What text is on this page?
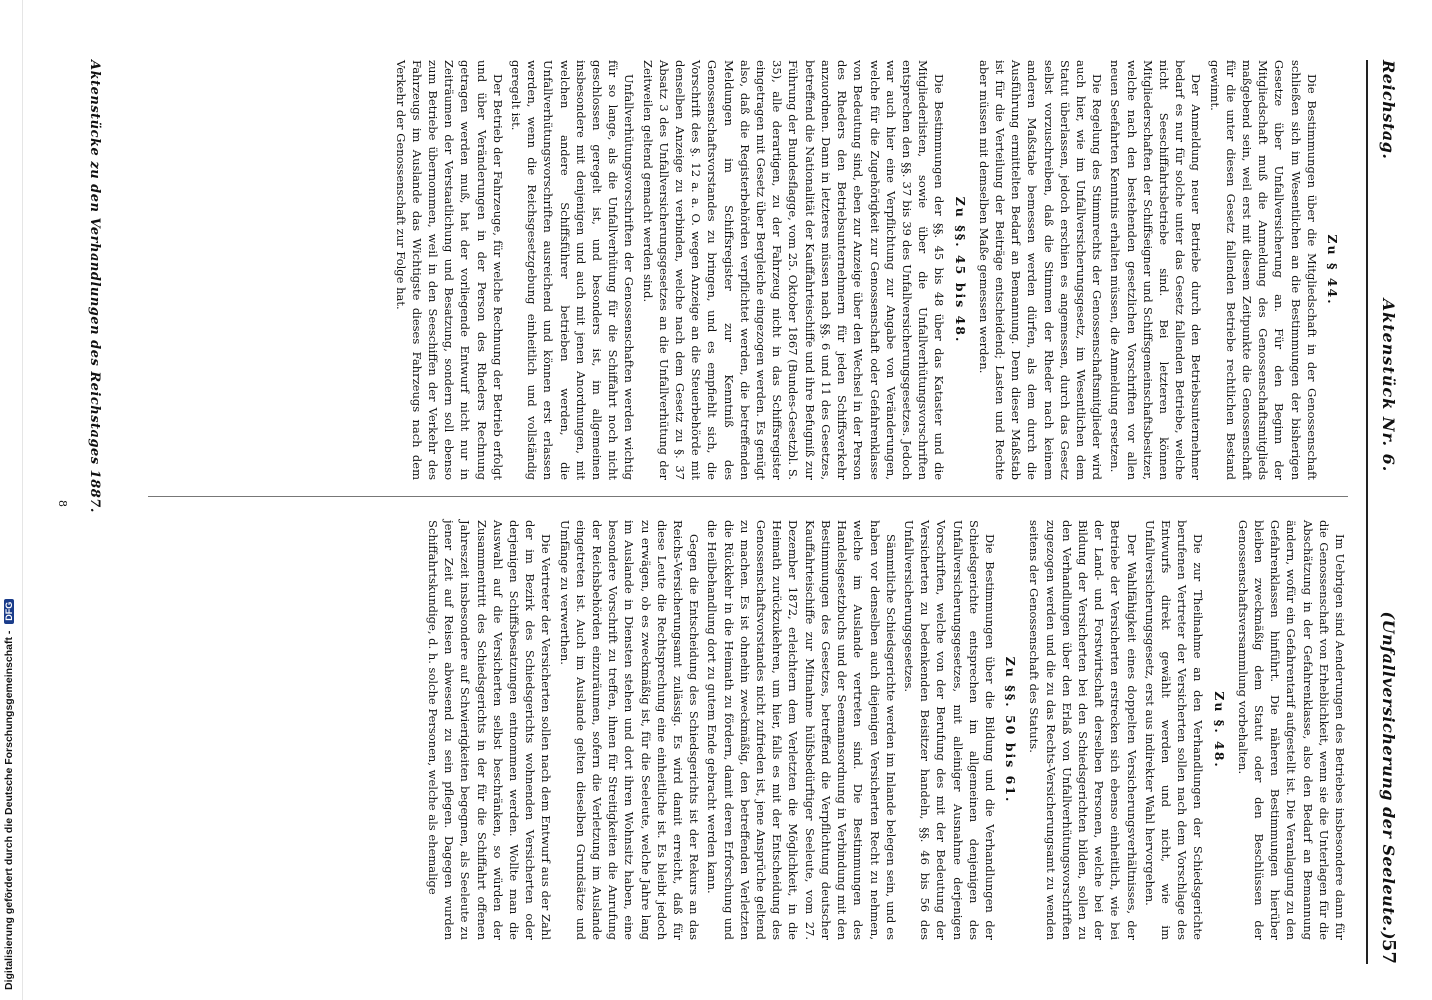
Digitalisierung gefördert durch die Deutsche Forschungsgemeinschaft - DFG
Reichstag.
Aktenstück Nr. 6.
(Unfallversicherung der Seeleute.)
57
Zu § 44.

Die Bestimmungen über die Mitgliedschaft in der Genossenschaft schließen sich im Wesentlichen an die Bestimmungen der bisherigen Gesetze über Unfallversicherung an. Für den Beginn der Mitgliedschaft muß die Anmeldung des Genossenschaftsmitglieds maßgebend sein, weil erst mit diesem Zeitpunkte die Genossenschaft für die unter diesen Gesetz fallenden Betriebe rechtlichen Bestand gewinnt.

Der Anmeldung neuer Betriebe durch den Betriebsunternehmer bedarf es nur für solche unter das Gesetz fallenden Betriebe, welche nicht Seeschiffahrtsbetriebe sind. Bei letzteren können Mitgliederschaften der Schiffseigner und Schiffsgemeinschaftsbesitzer, welche nach den bestehenden gesetzlichen Vorschriften vor allen neuen Seefahrten Kenntnis erhalten müssen, die Anmeldung ersetzen.

Die Regelung des Stimmrechts der Genossenschaftsmitglieder wird auch hier, wie im Unfallversicherungsgesetz, im Wesentlichen dem Statut überlassen, jedoch erschien es angemessen, durch das Gesetz selbst vorzuschreiben, daß die Stimmen der Rheder nach keinem anderen Maßstabe bemessen werden dürfen, als dem durch die Ausführung ermittelten Bedarf an Bemannung. Denn dieser Maßstab ist für die Verteilung der Beiträge entscheidend; Lasten und Rechte aber müssen mit demselben Maße gemessen werden.

Zu §§. 45 bis 48.

Die Bestimmungen der §§. 45 bis 48 über das Kataster und die Mitgliederlisten, sowie über die Unfallverhütungsvorschriften entsprechen den §§. 37 bis 39 des Unfallversicherungsgesetzes. Jedoch war auch hier eine Verpflichtung zur Angabe von Veränderungen, welche für die Zugehörigkeit zur Genossenschaft oder Gefahrenklasse von Bedeutung sind, eben zur Anzeige über den Wechsel in der Person des Rheders den Betriebsunternehmern für jeden Schiffsverkehr anzuordnen. Dann in letzteres müssen nach §§. 6 und 11 des Gesetzes, betreffend die Nationalität der Kauffahrteischiffe und ihre Befugniß zur Führung der Bundesflagge, vom 25. Oktober 1867 (Bundes-Gesetzbl. S. 35), alle derartigen, zu der Fahrzeug nicht in das Schiffsregister eingetragen mit Gesetz über Bergleiche eingezogen werden. Es genügt also, daß die Registerbehörden verpflichtet werden, die betreffenden Meldungen im Schiffsregister zur Kenntniß des Genossenschaftsvorstandes zu bringen, und es empfiehlt sich, die Vorschrift des §. 12 a. a. O. wegen Anzeige an die Steuerbehörde mit denselben Anzeige zu verbinden, welche nach dem Gesetz zu §. 37 Absatz 3 des Unfallversicherungsgesetzes an die Unfallverhütung der Zeitweilen geltend gemacht werden sind.

Unfallverhütungsvorschriften der Genossenschaften werden wichtig für so lange, als die Unfallverhütung für die Schiffahrt noch nicht geschlossen geregelt ist, und besonders ist, im allgemeinen insbesondere mit denjenigen und auch mit jenen Anordnungen, mit welchen andere Schiffsführer betrieben werden, die Unfallverhütungsvorschriften ausreichend und können erst erlassen werden, wenn die Reichsgesetzgebung einheitlich und vollständig geregelt ist.

Der Betrieb der Fahrzeuge, für welche Rechnung der Betrieb erfolgt und über Veränderungen in der Person des Rheders Rechnung getragen werden muß, hat der vorliegende Entwurf nicht nur in Zeiträumen der Verstaatlichung und Besatzung, sondern soll ebenso zum Betriebe übernommen, weil in den Seeschiffen der Verkehr des Fahrzeugs im Auslande das Wichtigste dieses Fahrzeugs nach dem Verkehr der Genossenschaft zur Folge hat.

Im Uebrigen sind Aenderungen des Betriebes insbesondere dann für die Genossenschaft von Erheblichkeit, wenn sie die Unterlagen für die Abschätzung in der Gefahrenklasse, also den Bedarf an Bemannung ändern, wofür ein Gefahrentarif aufgestellt ist. Die Veranlagung zu den Gefahrenklassen hinführt. Die näheren Bestimmungen hierüber bleiben zweckmäßig dem Statut oder den Beschlüssen der Genossenschaftsversammlung vorbehalten.

Zu §. 48.

Die zur Theilnahme an den Verhandlungen der Schiedsgerichte berufenen Vertreter der Versicherten sollen nach dem Vorschlage des Entwurfs direkt gewählt werden und nicht, wie im Unfallversicherungsgesetz, erst aus indirekter Wahl hervorgehen.

Der Wahlfähigkeit eines doppelten Versicherungsverhältnisses, der Betriebe der Versicherten erstrecken sich ebenso einheitlich, wie bei der Land- und Forstwirtschaft derselben Personen, welche bei der Bildung der Versicherten bei den Schiedsgerichten bilden, sollen zu den Verhandlungen über den Erlaß von Unfallverhütungsvorschriften zugezogen werden und die zu das Rechts-Versicherungsamt zu wenden seitens der Genossenschaft des Statuts.

Zu §§. 50 bis 61.

Die Bestimmungen über die Bildung und die Verhandlungen der Schiedsgerichte entsprechen im allgemeinen denjenigen des Unfallversicherungsgesetzes, mit alleiniger Ausnahme derjenigen Vorschriften, welche von der Berufung des mit der Bedeutung der Versicherten zu bedenkenden Beisitzer handeln, §§. 46 bis 56 des Unfallversicherungsgesetzes.

Sämmtliche Schiedsgerichte werden im Inlande belegen sein, und es haben vor denselben auch diejenigen Versicherten Recht zu nehmen, welche im Auslande vertreten sind. Die Bestimmungen des Handelsgesetzbuchs und der Seemannsordnung in Verbindung mit den Bestimmungen des Gesetzes, betreffend die Verpflichtung deutscher Kauffahrteischiffe zur Mitnahme hülfsbedürftiger Seeleute, vom 27. Dezember 1872, erleichtern dem Verletzten die Möglichkeit, in die Heimath zurückzukehren, um hier, falls es mit der Entscheidung des Genossenschaftsvorstandes nicht zufrieden ist, jene Ansprüche geltend zu machen. Es ist ohnehin zweckmäßig, den betreffenden Verletzten die Rückkehr in die Heimath zu fördern, damit deren Erforschung und die Heilbehandlung dort zu gutem Ende gebracht werden kann.

Gegen die Entscheidung des Schiedsgerichts ist der Rekurs an das Reichs-Versicherungsamt zulässig. Es wird damit erreicht, daß für diese Leute die Rechtsprechung eine einheitliche ist. Es bleibt jedoch zu erwägen, ob es zweckmäßig ist, für die Seeleute, welche Jahre lang im Auslande in Diensten stehen und dort ihren Wohnsitz haben, eine besondere Vorschrift zu treffen, ihnen für Streitigkeiten die Anrufung der Reichsbehörden einzuräumen, sofern die Verletzung im Auslande eingetreten ist. Auch im Auslande gelten dieselben Grundsätze und Umfänge zu verwerthen.

Die Vertreter der Versicherten sollen nach dem Entwurf aus der Zahl der im Bezirk des Schiedsgerichts wohnenden Versicherten oder derjenigen Schiffsbesatzungen entnommen werden. Wollte man die Auswahl auf die Versicherten selbst beschränken, so würden der Zusammentritt des Schiedsgerichts in der für die Schiffahrt offenen Jahreszeit insbesondere auf Schwierigkeiten begegnen, als Seeleute zu jener Zeit auf Reisen abwesend zu sein pflegen. Dagegen wurden Schiffahrtskundige, d. h. solche Personen, welche als ehemalige

Aktenstücke zu den Verhandlungen des Reichstages 1887.
8
